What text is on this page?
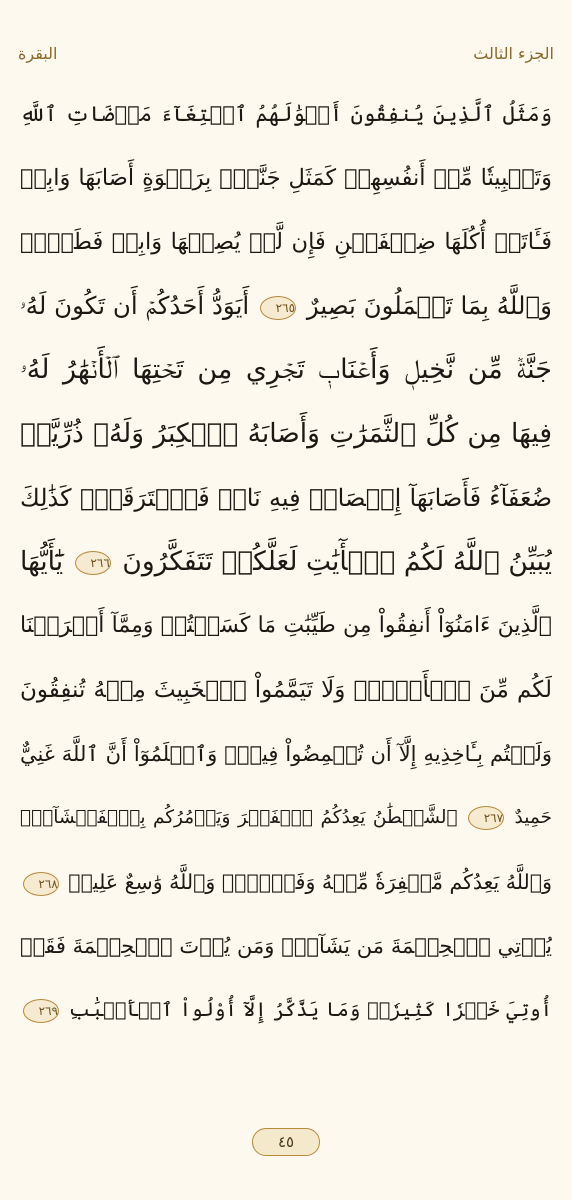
الجزء الثالث
البقرة
وَمَثَلُ ٱلَّذِينَ يُنفِقُونَ أَمۡوَٰلَهُمُ ٱبۡتِغَآءَ مَرۡضَاتِ ٱللَّهِ
وَتَثۡبِيتٗا مِّنۡ أَنفُسِهِمۡ كَمَثَلِ جَنَّةِۭ بِرَبۡوَةٍ أَصَابَهَا وَابِلٞ
فَـَٔاتَتۡ أُكُلَهَا ضِعۡفَيۡنِ فَإِن لَّمۡ يُصِبۡهَا وَابِلٞ فَطَلّٞۗ
وَٱللَّهُ بِمَا تَعۡمَلُونَ بَصِيرٌ ٢٦٥ أَيَوَدُّ أَحَدُكُمۡ أَن تَكُونَ لَهُۥ
جَنَّةٞ مِّن نَّخِيلٖ وَأَعۡنَابٖ تَجۡرِي مِن تَحۡتِهَا ٱلۡأَنۡهَٰرُ لَهُۥ
فِيهَا مِن كُلِّ ٱلثَّمَرَٰتِ وَأَصَابَهُ ٱلۡكِبَرُ وَلَهُۥ ذُرِّيَّةٞ
ضُعَفَآءُ فَأَصَابَهَآ إِعۡصَارٞ فِيهِ نَارٞ فَٱحۡتَرَقَتۡۗ كَذَٰلِكَ
يُبَيِّنُ ٱللَّهُ لَكُمُ ٱلۡأٓيَٰتِ لَعَلَّكُمۡ تَتَفَكَّرُونَ ٢٦٦ يَٰٓأَيُّهَا
ٱلَّذِينَ ءَامَنُوٓاْ أَنفِقُواْ مِن طَيِّبَٰتِ مَا كَسَبۡتُمۡ وَمِمَّآ أَخۡرَجۡنَا
لَكُم مِّنَ ٱلۡأَرۡضِۖ وَلَا تَيَمَّمُواْ ٱلۡخَبِيثَ مِنۡهُ تُنفِقُونَ
وَلَسۡتُم بِـَٔاخِذِيهِ إِلَّآ أَن تُغۡمِضُواْ فِيهِۚ وَٱعۡلَمُوٓاْ أَنَّ ٱللَّهَ غَنِيٌّ
حَمِيدٌ ٢٦٧ ٱلشَّيۡطَٰنُ يَعِدُكُمُ ٱلۡفَقۡرَ وَيَأۡمُرُكُم بِٱلۡفَحۡشَآءِۖ
وَٱللَّهُ يَعِدُكُم مَّغۡفِرَةٗ مِّنۡهُ وَفَضۡلٗاۗ وَٱللَّهُ وَٰسِعٌ عَلِيمٞ ٢٦٨
يُؤۡتِي ٱلۡحِكۡمَةَ مَن يَشَآءُۚ وَمَن يُؤۡتَ ٱلۡحِكۡمَةَ فَقَدۡ
أُوتِيَ خَيۡرٗا كَثِيرٗاۗ وَمَا يَذَّكَّرُ إِلَّآ أُوْلُواْ ٱلۡأَلۡبَٰبِ ٢٦٩
٤٥
